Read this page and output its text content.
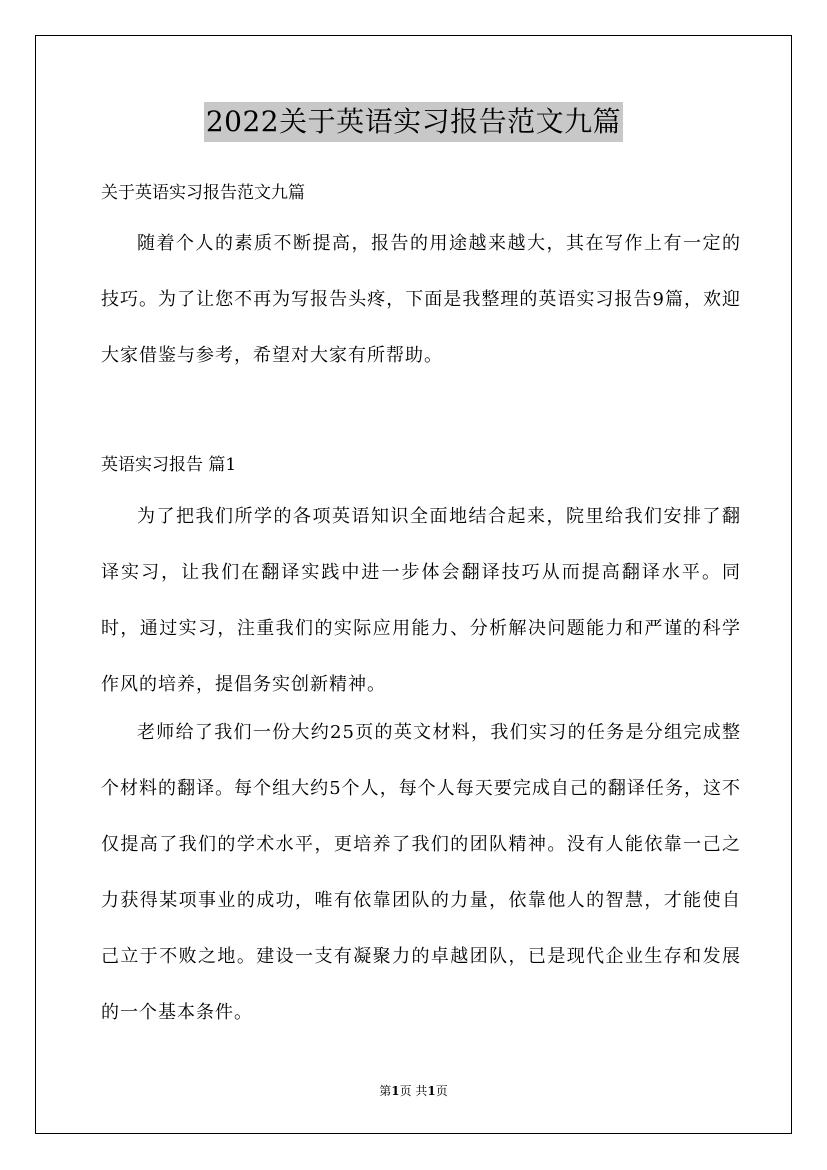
2022关于英语实习报告范文九篇
关于英语实习报告范文九篇

随着个人的素质不断提高，报告的用途越来越大，其在写作上有一定的技巧。为了让您不再为写报告头疼，下面是我整理的英语实习报告9篇，欢迎大家借鉴与参考，希望对大家有所帮助。

英语实习报告 篇1

为了把我们所学的各项英语知识全面地结合起来，院里给我们安排了翻译实习，让我们在翻译实践中进一步体会翻译技巧从而提高翻译水平。同时，通过实习，注重我们的实际应用能力、分析解决问题能力和严谨的科学作风的培养，提倡务实创新精神。

老师给了我们一份大约25页的英文材料，我们实习的任务是分组完成整个材料的翻译。每个组大约5个人，每个人每天要完成自己的翻译任务，这不仅提高了我们的学术水平，更培养了我们的团队精神。没有人能依靠一己之力获得某项事业的成功，唯有依靠团队的力量，依靠他人的智慧，才能使自己立于不败之地。建设一支有凝聚力的卓越团队，已是现代企业生存和发展的一个基本条件。

第1页 共1页
